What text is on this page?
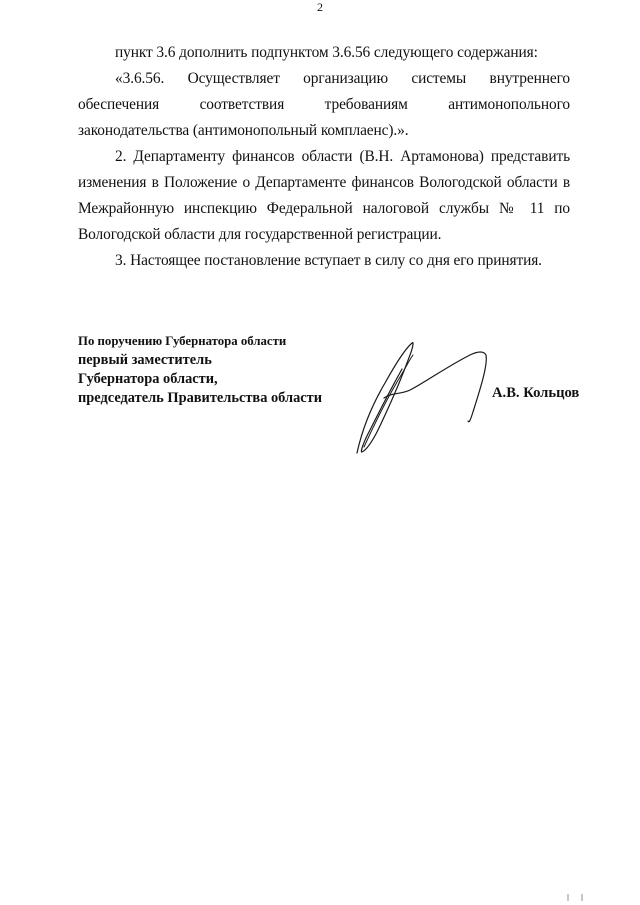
2

пункт 3.6 дополнить подпунктом 3.6.56 следующего содержания:

«3.6.56. Осуществляет организацию системы внутреннего обеспечения соответствия требованиям антимонопольного законодательства (антимонопольный комплаенс).».

2. Департаменту финансов области (В.Н. Артамонова) представить изменения в Положение о Департаменте финансов Вологодской области в Межрайонную инспекцию Федеральной налоговой службы № 11 по Вологодской области для государственной регистрации.

3. Настоящее постановление вступает в силу со дня его принятия.

По поручению Губернатора области
первый заместитель
Губернатора области,
председатель Правительства области	А.В. Кольцов
